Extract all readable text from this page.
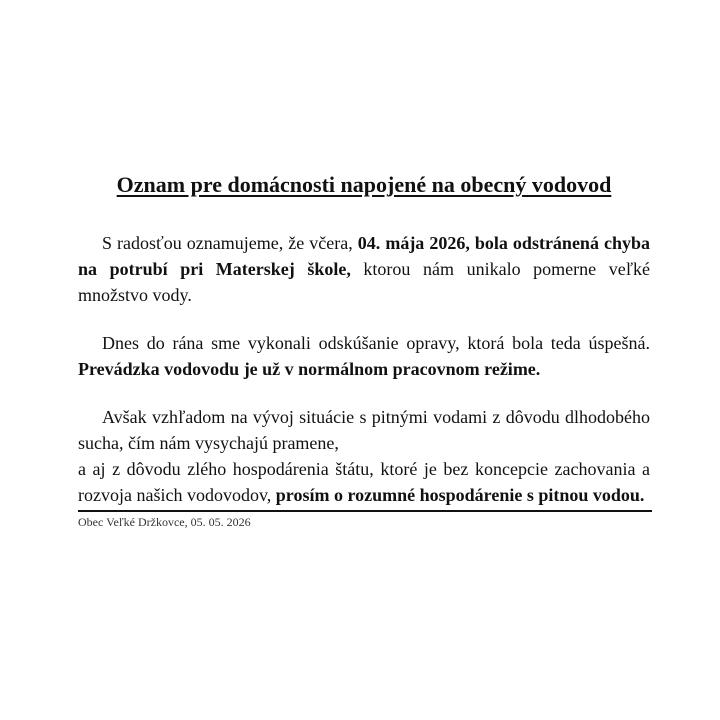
Oznam pre domácnosti napojené na obecný vodovod

S radosťou oznamujeme, že včera, 04. mája 2026, bola odstránená chyba na potrubí pri Materskej škole, ktorou nám unikalo pomerne veľké množstvo vody.

Dnes do rána sme vykonali odskúšanie opravy, ktorá bola teda úspešná. Prevádzka vodovodu je už v normálnom pracovnom režime.

Avšak vzhľadom na vývoj situácie s pitnými vodami z dôvodu dlhodobého sucha, čím nám vysychajú pramene,
a aj z dôvodu zlého hospodárenia štátu, ktoré je bez koncepcie zachovania a rozvoja našich vodovodov, prosím o rozumné hospodárenie s pitnou vodou.

Obec Veľké Držkovce, 05. 05. 2026
